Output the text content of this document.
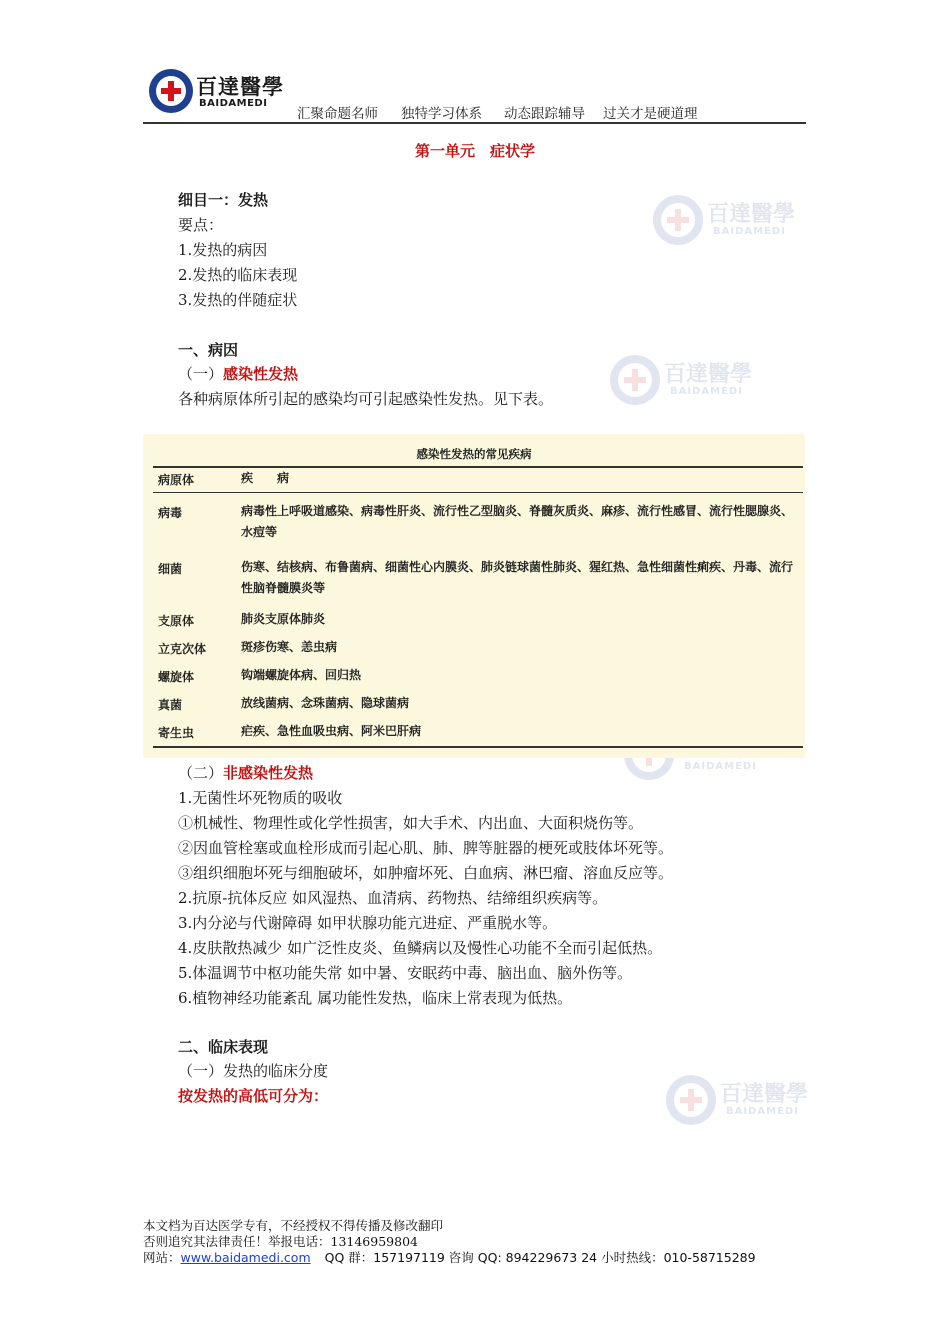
百達醫學
BAIDAMEDI
汇聚命题名师 独特学习体系 动态跟踪辅导 过关才是硬道理
百達醫學
BAIDAMEDI
百達醫學
BAIDAMEDI
BAIDAMEDI
百達醫學
BAIDAMEDI
第一单元　症状学
细目一：发热
要点：
1.发热的病因
2.发热的临床表现
3.发热的伴随症状
一、病因
（一）感染性发热
各种病原体所引起的感染均可引起感染性发热。见下表。
感染性发热的常见疾病
病原体	疾　　病
病毒	病毒性上呼吸道感染、病毒性肝炎、流行性乙型脑炎、脊髓灰质炎、麻疹、流行性感冒、流行性腮腺炎、水痘等
细菌	伤寒、结核病、布鲁菌病、细菌性心内膜炎、肺炎链球菌性肺炎、猩红热、急性细菌性痢疾、丹毒、流行性脑脊髓膜炎等
支原体	肺炎支原体肺炎
立克次体	斑疹伤寒、恙虫病
螺旋体	钩端螺旋体病、回归热
真菌	放线菌病、念珠菌病、隐球菌病
寄生虫	疟疾、急性血吸虫病、阿米巴肝病
（二）非感染性发热
1.无菌性坏死物质的吸收
①机械性、物理性或化学性损害，如大手术、内出血、大面积烧伤等。
②因血管栓塞或血栓形成而引起心肌、肺、脾等脏器的梗死或肢体坏死等。
③组织细胞坏死与细胞破坏，如肿瘤坏死、白血病、淋巴瘤、溶血反应等。
2.抗原-抗体反应 如风湿热、血清病、药物热、结缔组织疾病等。
3.内分泌与代谢障碍 如甲状腺功能亢进症、严重脱水等。
4.皮肤散热减少 如广泛性皮炎、鱼鳞病以及慢性心功能不全而引起低热。
5.体温调节中枢功能失常 如中暑、安眠药中毒、脑出血、脑外伤等。
6.植物神经功能紊乱 属功能性发热，临床上常表现为低热。
二、临床表现
（一）发热的临床分度
按发热的高低可分为：
本文档为百达医学专有，不经授权不得传播及修改翻印
否则追究其法律责任！举报电话：13146959804
网站：www.baidamedi.com QQ 群：157197119 咨询 QQ: 894229673 24 小时热线：010-58715289
